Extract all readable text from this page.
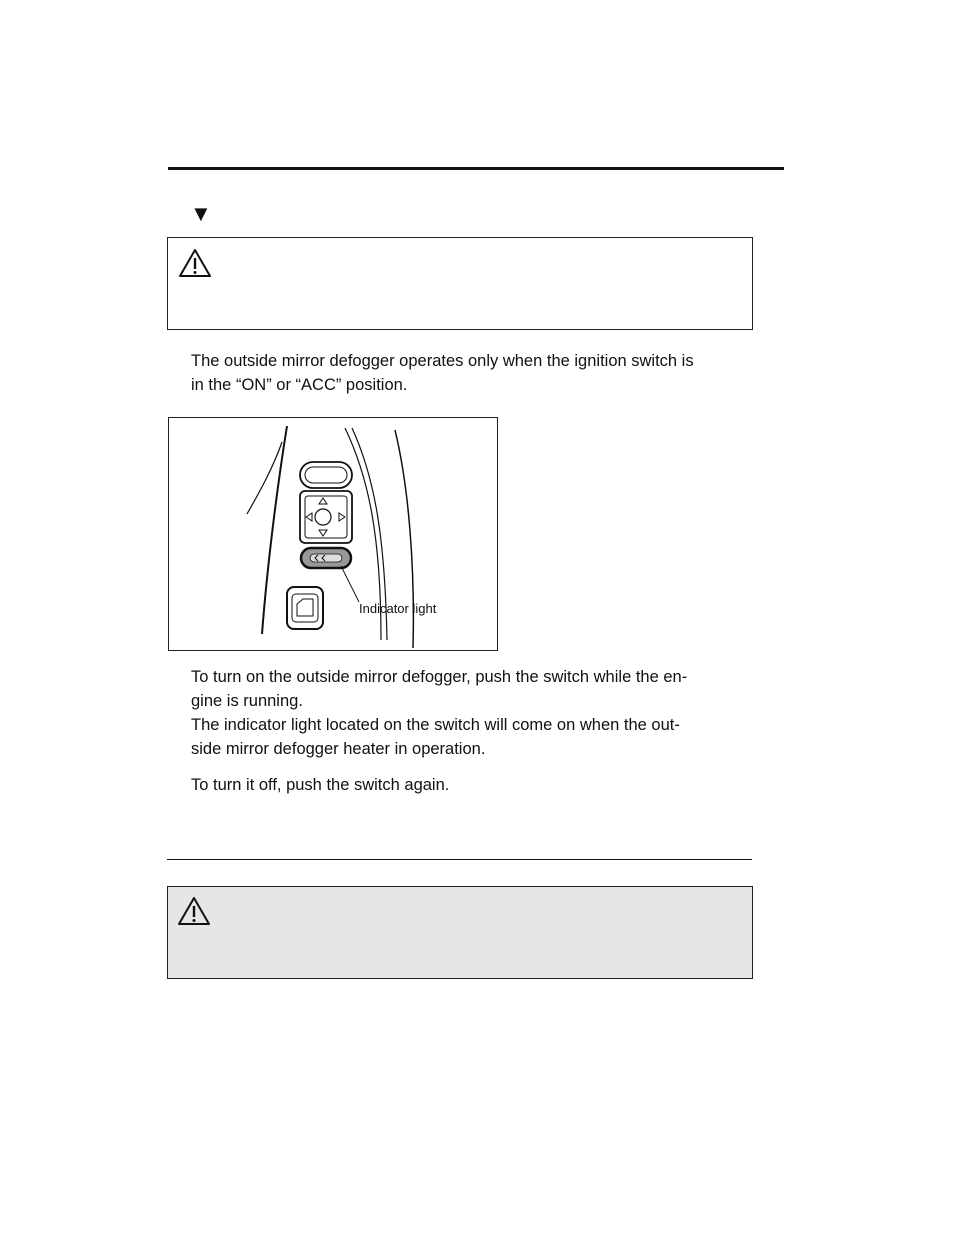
▼
The outside mirror defogger operates only when the ignition switch is
in the “ON” or “ACC” position.
Indicator light
To turn on the outside mirror defogger, push the switch while the en-
gine is running.
The indicator light located on the switch will come on when the out-
side mirror defogger heater in operation.
To turn it off, push the switch again.
